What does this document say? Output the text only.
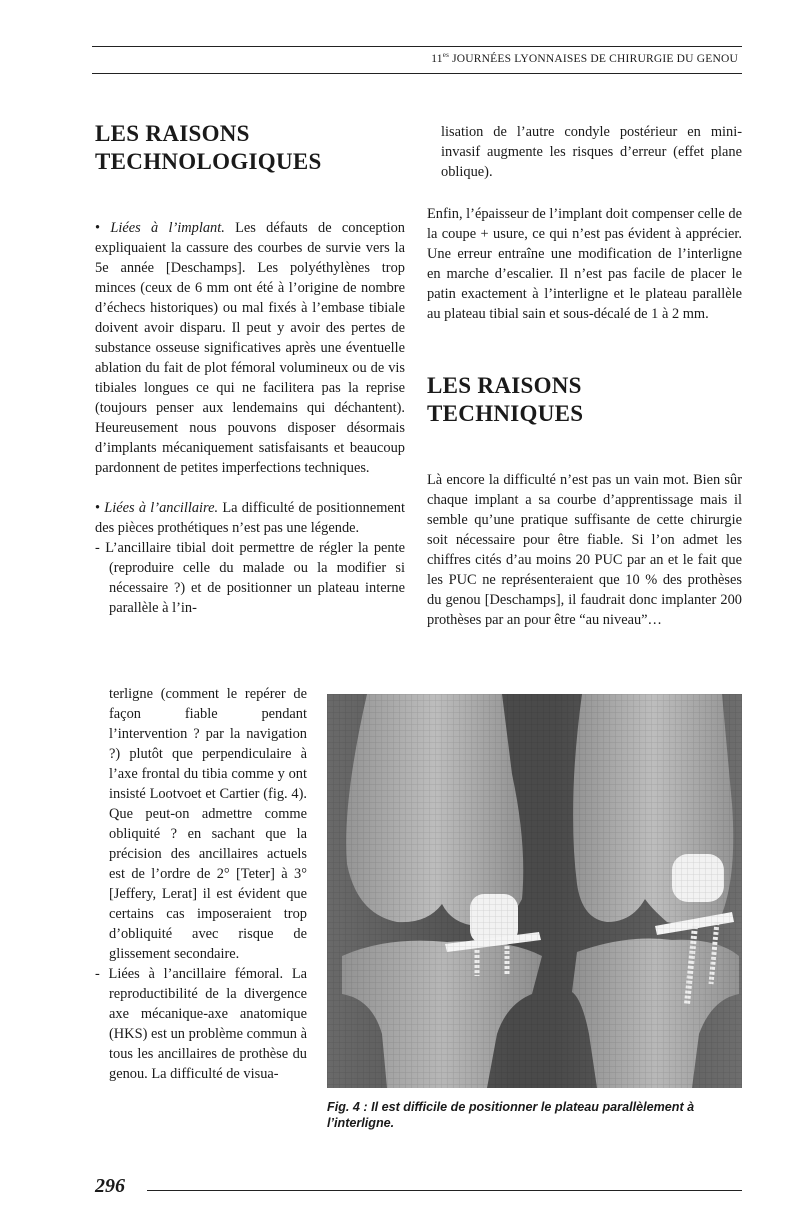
$11^{es}$ JOURNÉES LYONNAISES DE CHIRURGIE DU GENOU
LES RAISONS
TECHNOLOGIQUES

• Liées à l’implant. Les défauts de conception expliquaient la cassure des courbes de survie vers la 5e année [Deschamps]. Les polyéthylènes trop minces (ceux de 6 mm ont été à l’origine de nombre d’échecs historiques) ou mal fixés à l’embase tibiale doivent avoir disparu. Il peut y avoir des pertes de substance osseuse significatives après une éventuelle ablation du fait de plot fémoral volumineux ou de vis tibiales longues ce qui ne facilitera pas la reprise (toujours penser aux lendemains qui déchantent). Heureusement nous pouvons disposer désormais d’implants mécaniquement satisfaisants et beaucoup pardonnent de petites imperfections techniques.

• Liées à l’ancillaire. La difficulté de positionnement des pièces prothétiques n’est pas une légende.

- L’ancillaire tibial doit permettre de régler la pente (reproduire celle du malade ou la modifier si nécessaire ?) et de positionner un plateau interne parallèle à l’in-

terligne (comment le repérer de façon fiable pendant l’intervention ? par la navigation ?) plutôt que perpendiculaire à l’axe frontal du tibia comme y ont insisté Lootvoet et Cartier (fig. 4). Que peut-on admettre comme obliquité ? en sachant que la précision des ancillaires actuels est de l’ordre de 2° [Teter] à 3° [Jeffery, Lerat] il est évident que certains cas imposeraient trop d’obliquité avec risque de glissement secondaire.

- Liées à l’ancillaire fémoral. La reproductibilité de la divergence axe mécanique-axe anatomique (HKS) est un problème commun à tous les ancillaires de prothèse du genou. La difficulté de visua-

lisation de l’autre condyle postérieur en mini-invasif augmente les risques d’erreur (effet plane oblique).

Enfin, l’épaisseur de l’implant doit compenser celle de la coupe + usure, ce qui n’est pas évident à apprécier. Une erreur entraîne une modification de l’interligne en marche d’escalier. Il n’est pas facile de placer le patin exactement à l’interligne et le plateau parallèle au plateau tibial sain et sous-décalé de 1 à 2 mm.

LES RAISONS
TECHNIQUES

Là encore la difficulté n’est pas un vain mot. Bien sûr chaque implant a sa courbe d’apprentissage mais il semble qu’une pratique suffisante de cette chirurgie soit nécessaire pour être fiable. Si l’on admet les chiffres cités d’au moins 20 PUC par an et le fait que les PUC ne représenteraient que 10 % des prothèses du genou [Deschamps], il faudrait donc implanter 200 prothèses par an pour être “au niveau”…

Fig. 4 : Il est difficile de positionner le plateau parallèlement à l’interligne.
296
